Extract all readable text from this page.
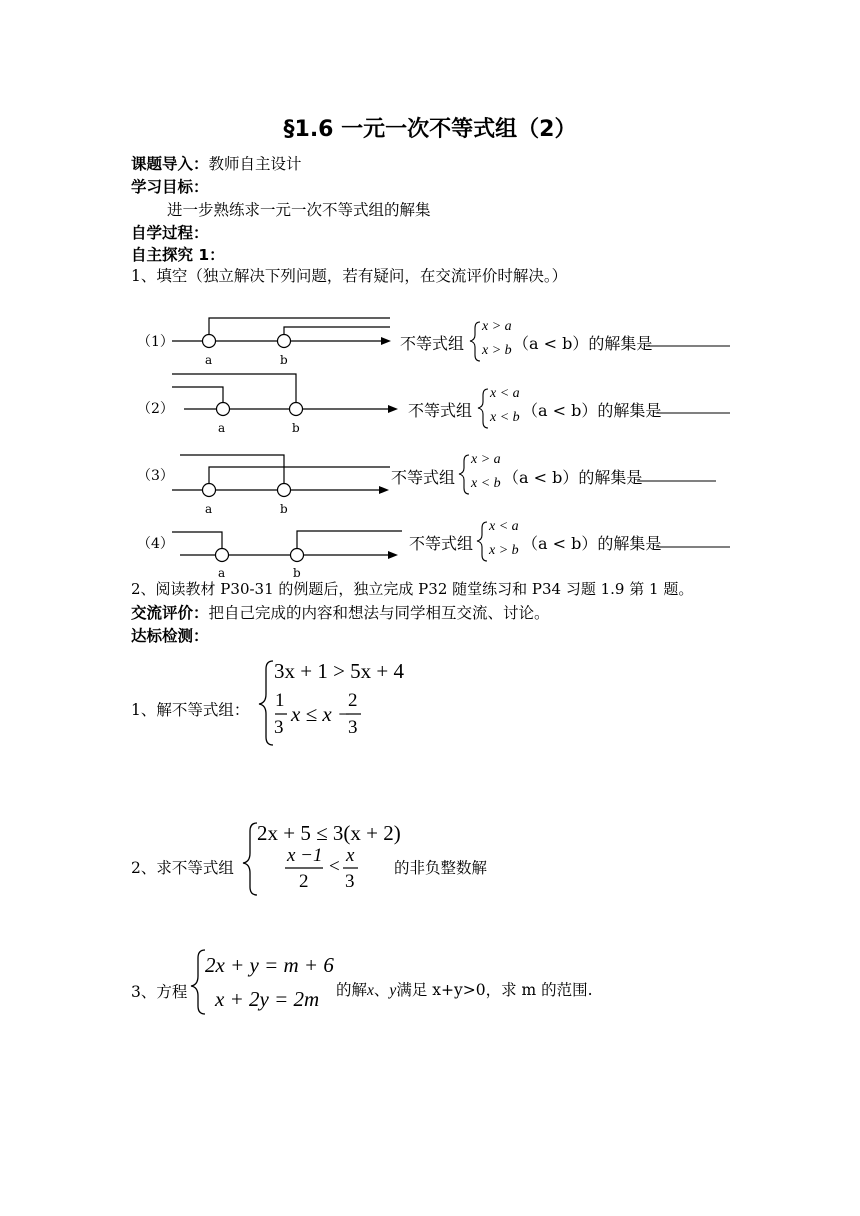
§1.6 一元一次不等式组（2）
课题导入：教师自主设计
学习目标：
进一步熟练求一元一次不等式组的解集
自学过程：
自主探究 1：
1、填空（独立解决下列问题，若有疑问，在交流评价时解决。）
（1）
a	b
（2）
a	b
（3）
a	b
（4）
a	b
不等式组
x > a
x > b （a < b）的解集是
不等式组
x < a
x < b （a < b）的解集是
不等式组
x > a
x < b （a < b）的解集是
不等式组
x < a
x > b （a < b）的解集是
2、阅读教材 P30-31 的例题后，独立完成 P32 随堂练习和 P34 习题 1.9 第 1 题。
交流评价：把自己完成的内容和想法与同学相互交流、讨论。
达标检测：
1、解不等式组：
3x + 1 > 5x + 4
1
3
x ≤ x −
2
3
2、求不等式组
2x + 5 ≤ 3(x + 2)
x −1
2
<
x
3
的非负整数解
3、方程
2x + y = m + 6
x + 2y = 2m 的解x、y满足 x+y>0，求 m 的范围.
